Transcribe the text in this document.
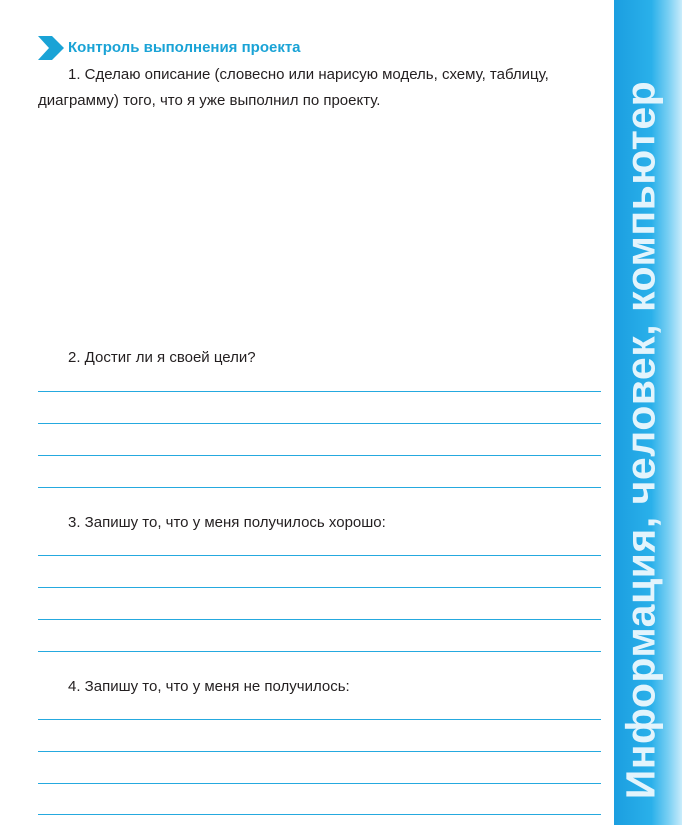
Контроль выполнения проекта

1. Сделаю описание (словесно или нарисую модель, схему, таблицу, диаграмму) того, что я уже выполнил по проекту.

2. Достиг ли я своей цели?
3. Запишу то, что у меня получилось хорошо:
4. Запишу то, что у меня не получилось:	Информация, человек, компьютер
